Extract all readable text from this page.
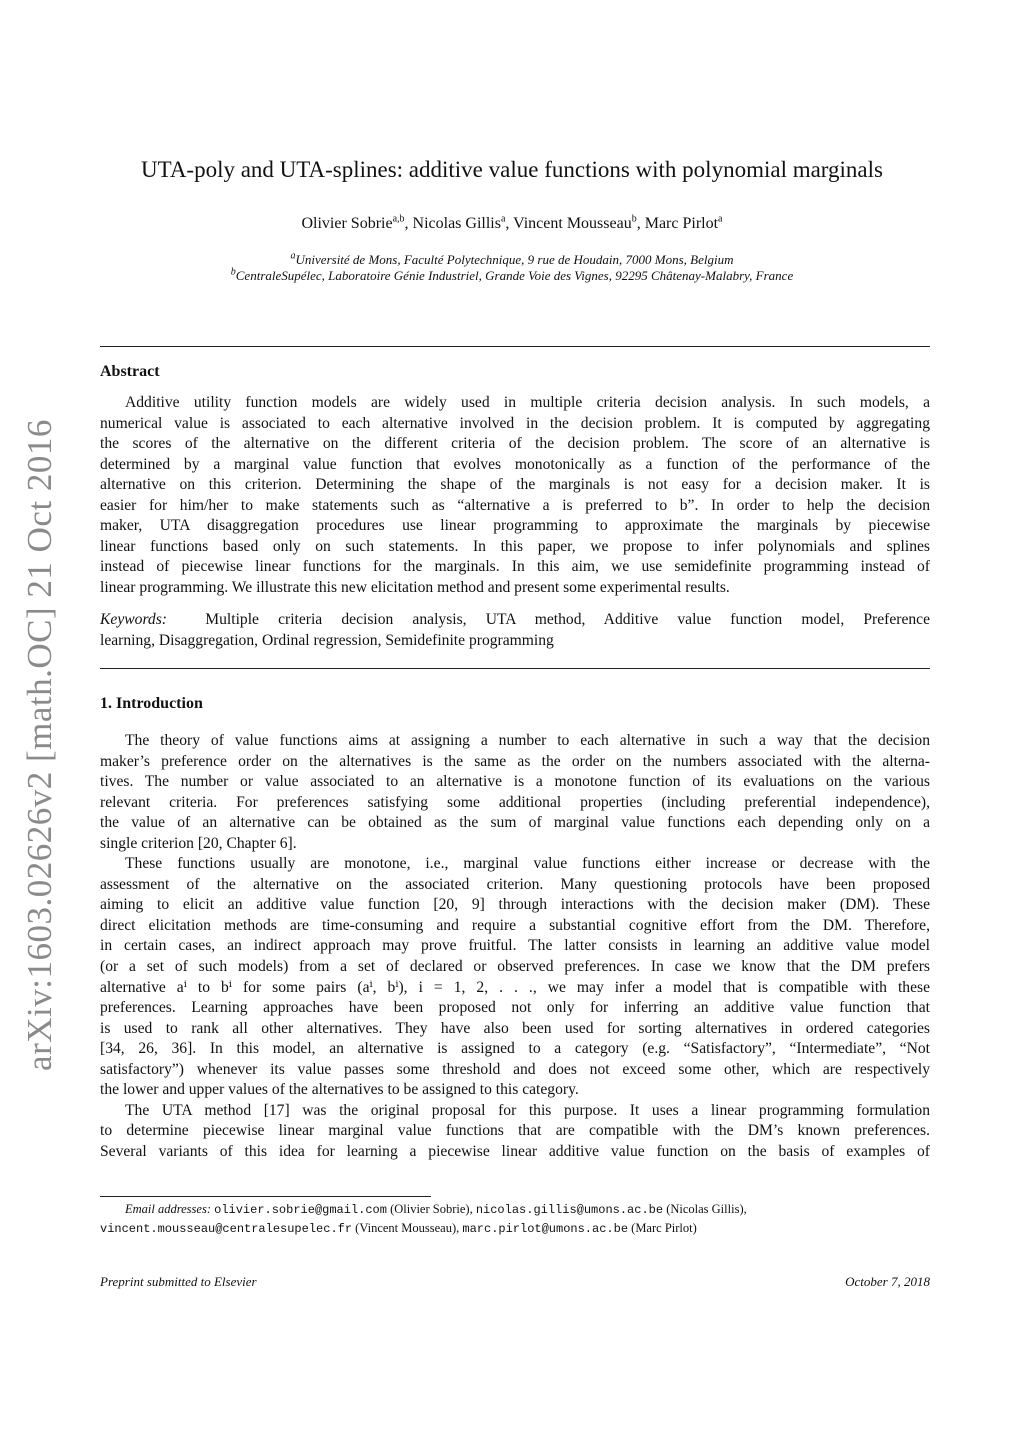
arXiv:1603.02626v2 [math.OC] 21 Oct 2016
UTA-poly and UTA-splines: additive value functions with polynomial marginals
Olivier Sobrie$^{a,b}$, Nicolas Gillis$^a$, Vincent Mousseau$^b$, Marc Pirlot$^a$
$^a$Université de Mons, Faculté Polytechnique, 9 rue de Houdain, 7000 Mons, Belgium
$^b$CentraleSupélec, Laboratoire Génie Industriel, Grande Voie des Vignes, 92295 Châtenay-Malabry, France
Abstract
Additive utility function models are widely used in multiple criteria decision analysis. In such models, a
numerical value is associated to each alternative involved in the decision problem. It is computed by aggregating
the scores of the alternative on the different criteria of the decision problem. The score of an alternative is
determined by a marginal value function that evolves monotonically as a function of the performance of the
alternative on this criterion. Determining the shape of the marginals is not easy for a decision maker. It is
easier for him/her to make statements such as “alternative a is preferred to b”. In order to help the decision
maker, UTA disaggregation procedures use linear programming to approximate the marginals by piecewise
linear functions based only on such statements. In this paper, we propose to infer polynomials and splines
instead of piecewise linear functions for the marginals. In this aim, we use semidefinite programming instead of
linear programming. We illustrate this new elicitation method and present some experimental results.
Keywords: Multiple criteria decision analysis, UTA method, Additive value function model, Preference
learning, Disaggregation, Ordinal regression, Semidefinite programming
1. Introduction
The theory of value functions aims at assigning a number to each alternative in such a way that the decision
maker’s preference order on the alternatives is the same as the order on the numbers associated with the alterna-
tives. The number or value associated to an alternative is a monotone function of its evaluations on the various
relevant criteria. For preferences satisfying some additional properties (including preferential independence),
the value of an alternative can be obtained as the sum of marginal value functions each depending only on a
single criterion [20, Chapter 6].
These functions usually are monotone, i.e., marginal value functions either increase or decrease with the
assessment of the alternative on the associated criterion. Many questioning protocols have been proposed
aiming to elicit an additive value function [20, 9] through interactions with the decision maker (DM). These
direct elicitation methods are time-consuming and require a substantial cognitive effort from the DM. Therefore,
in certain cases, an indirect approach may prove fruitful. The latter consists in learning an additive value model
(or a set of such models) from a set of declared or observed preferences. In case we know that the DM prefers
alternative aⁱ to bⁱ for some pairs (aⁱ, bⁱ), i = 1, 2, . . ., we may infer a model that is compatible with these
preferences. Learning approaches have been proposed not only for inferring an additive value function that
is used to rank all other alternatives. They have also been used for sorting alternatives in ordered categories
[34, 26, 36]. In this model, an alternative is assigned to a category (e.g. “Satisfactory”, “Intermediate”, “Not
satisfactory”) whenever its value passes some threshold and does not exceed some other, which are respectively
the lower and upper values of the alternatives to be assigned to this category.
The UTA method [17] was the original proposal for this purpose. It uses a linear programming formulation
to determine piecewise linear marginal value functions that are compatible with the DM’s known preferences.
Several variants of this idea for learning a piecewise linear additive value function on the basis of examples of
Email addresses: olivier.sobrie@gmail.com (Olivier Sobrie), nicolas.gillis@umons.ac.be (Nicolas Gillis),
vincent.mousseau@centralesupelec.fr (Vincent Mousseau), marc.pirlot@umons.ac.be (Marc Pirlot)
Preprint submitted to Elsevier	October 7, 2018
